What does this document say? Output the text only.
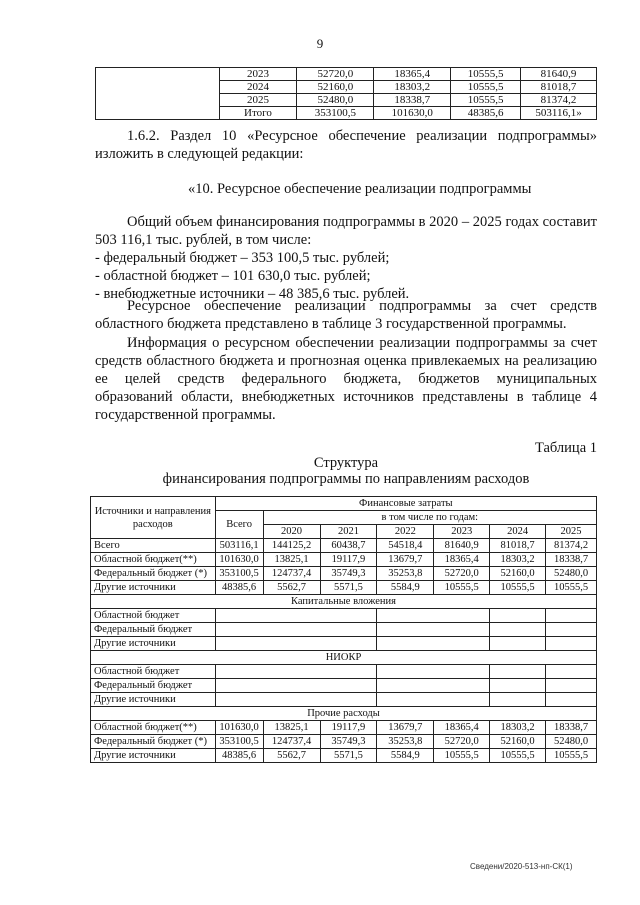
9
	2023	52720,0	18365,4	10555,5	81640,9
	2024	52160,0	18303,2	10555,5	81018,7
	2025	52480,0	18338,7	10555,5	81374,2
	Итого	353100,5	101630,0	48385,6	503116,1»
1.6.2. Раздел 10 «Ресурсное обеспечение реализации подпрограммы» изложить в следующей редакции:
«10. Ресурсное обеспечение реализации подпрограммы
Общий объем финансирования подпрограммы в 2020 – 2025 годах составит 503 116,1 тыс. рублей, в том числе:
- федеральный бюджет – 353 100,5 тыс. рублей;
- областной бюджет – 101 630,0 тыс. рублей;
- внебюджетные источники – 48 385,6 тыс. рублей.
Ресурсное обеспечение реализации подпрограммы за счет средств областного бюджета представлено в таблице 3 государственной программы.
Информация о ресурсном обеспечении реализации подпрограммы за счет средств областного бюджета и прогнозная оценка привлекаемых на реализацию ее целей средств федерального бюджета, бюджетов муниципальных образований области, внебюджетных источников представлены в таблице 4 государственной программы.
Таблица 1
Структура
финансирования подпрограммы по направлениям расходов
Источники и направления расходов	Финансовые затраты						
	Всего	в том числе по годам:					
		2020	2021	2022	2023	2024	2025
Всего	503116,1	144125,2	60438,7	54518,4	81640,9	81018,7	81374,2
Областной бюджет(**)	101630,0	13825,1	19117,9	13679,7	18365,4	18303,2	18338,7
Федеральный бюджет (*)	353100,5	124737,4	35749,3	35253,8	52720,0	52160,0	52480,0
Другие источники	48385,6	5562,7	5571,5	5584,9	10555,5	10555,5	10555,5
Капитальные вложения							
Областной бюджет							
Федеральный бюджет							
Другие источники							
НИОКР							
Областной бюджет							
Федеральный бюджет							
Другие источники							
Прочие расходы							
Областной бюджет(**)	101630,0	13825,1	19117,9	13679,7	18365,4	18303,2	18338,7
Федеральный бюджет (*)	353100,5	124737,4	35749,3	35253,8	52720,0	52160,0	52480,0
Другие источники	48385,6	5562,7	5571,5	5584,9	10555,5	10555,5	10555,5
Сведени/2020-513-нп-СК(1)
